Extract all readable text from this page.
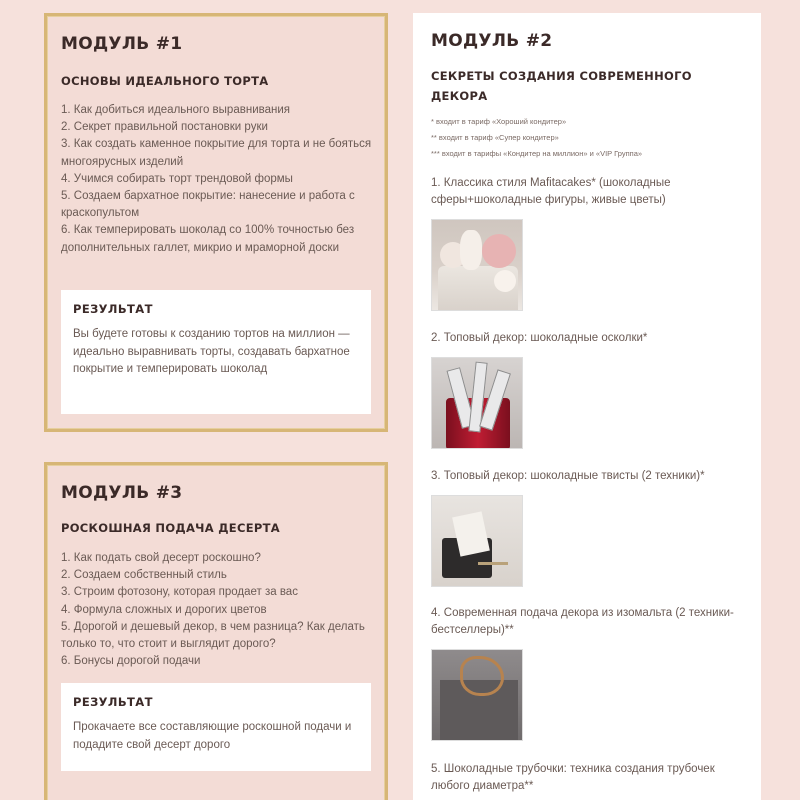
МОДУЛЬ #1
ОСНОВЫ ИДЕАЛЬНОГО ТОРТА
1. Как добиться идеального выравнивания
2. Секрет правильной постановки руки
3. Как создать каменное покрытие для торта и не бояться многоярусных изделий
4. Учимся собирать торт трендовой формы
5. Создаем бархатное покрытие: нанесение и работа с краскопультом
6. Как темперировать шоколад со 100% точностью без дополнительных галлет, микрио и мраморной доски
РЕЗУЛЬТАТ
Вы будете готовы к созданию тортов на миллион — идеально выравнивать торты, создавать бархатное покрытие и темперировать шоколад
МОДУЛЬ #3
РОСКОШНАЯ ПОДАЧА ДЕСЕРТА
1. Как подать свой десерт роскошно?
2. Создаем собственный стиль
3. Строим фотозону, которая продает за вас
4. Формула сложных и дорогих цветов
5. Дорогой и дешевый декор, в чем разница? Как делать только то, что стоит и выглядит дорого?
6. Бонусы дорогой подачи
РЕЗУЛЬТАТ
Прокачаете все составляющие роскошной подачи и подадите свой десерт дорого
МОДУЛЬ #2
СЕКРЕТЫ СОЗДАНИЯ СОВРЕМЕННОГО ДЕКОРА
* входит в тариф «Хороший кондитер»
** входит в тариф «Супер кондитер»
*** входит в тарифы «Кондитер на миллион» и «VIP Группа»
1. Классика стиля Mafitacakes* (шоколадные сферы+шоколадные фигуры, живые цветы)
2. Топовый декор: шоколадные осколки*
3. Топовый декор: шоколадные твисты (2 техники)*
4. Современная подача декора из изомальта (2 техники-бестселлеры)**
5. Шоколадные трубочки: техника создания трубочек любого диаметра**
